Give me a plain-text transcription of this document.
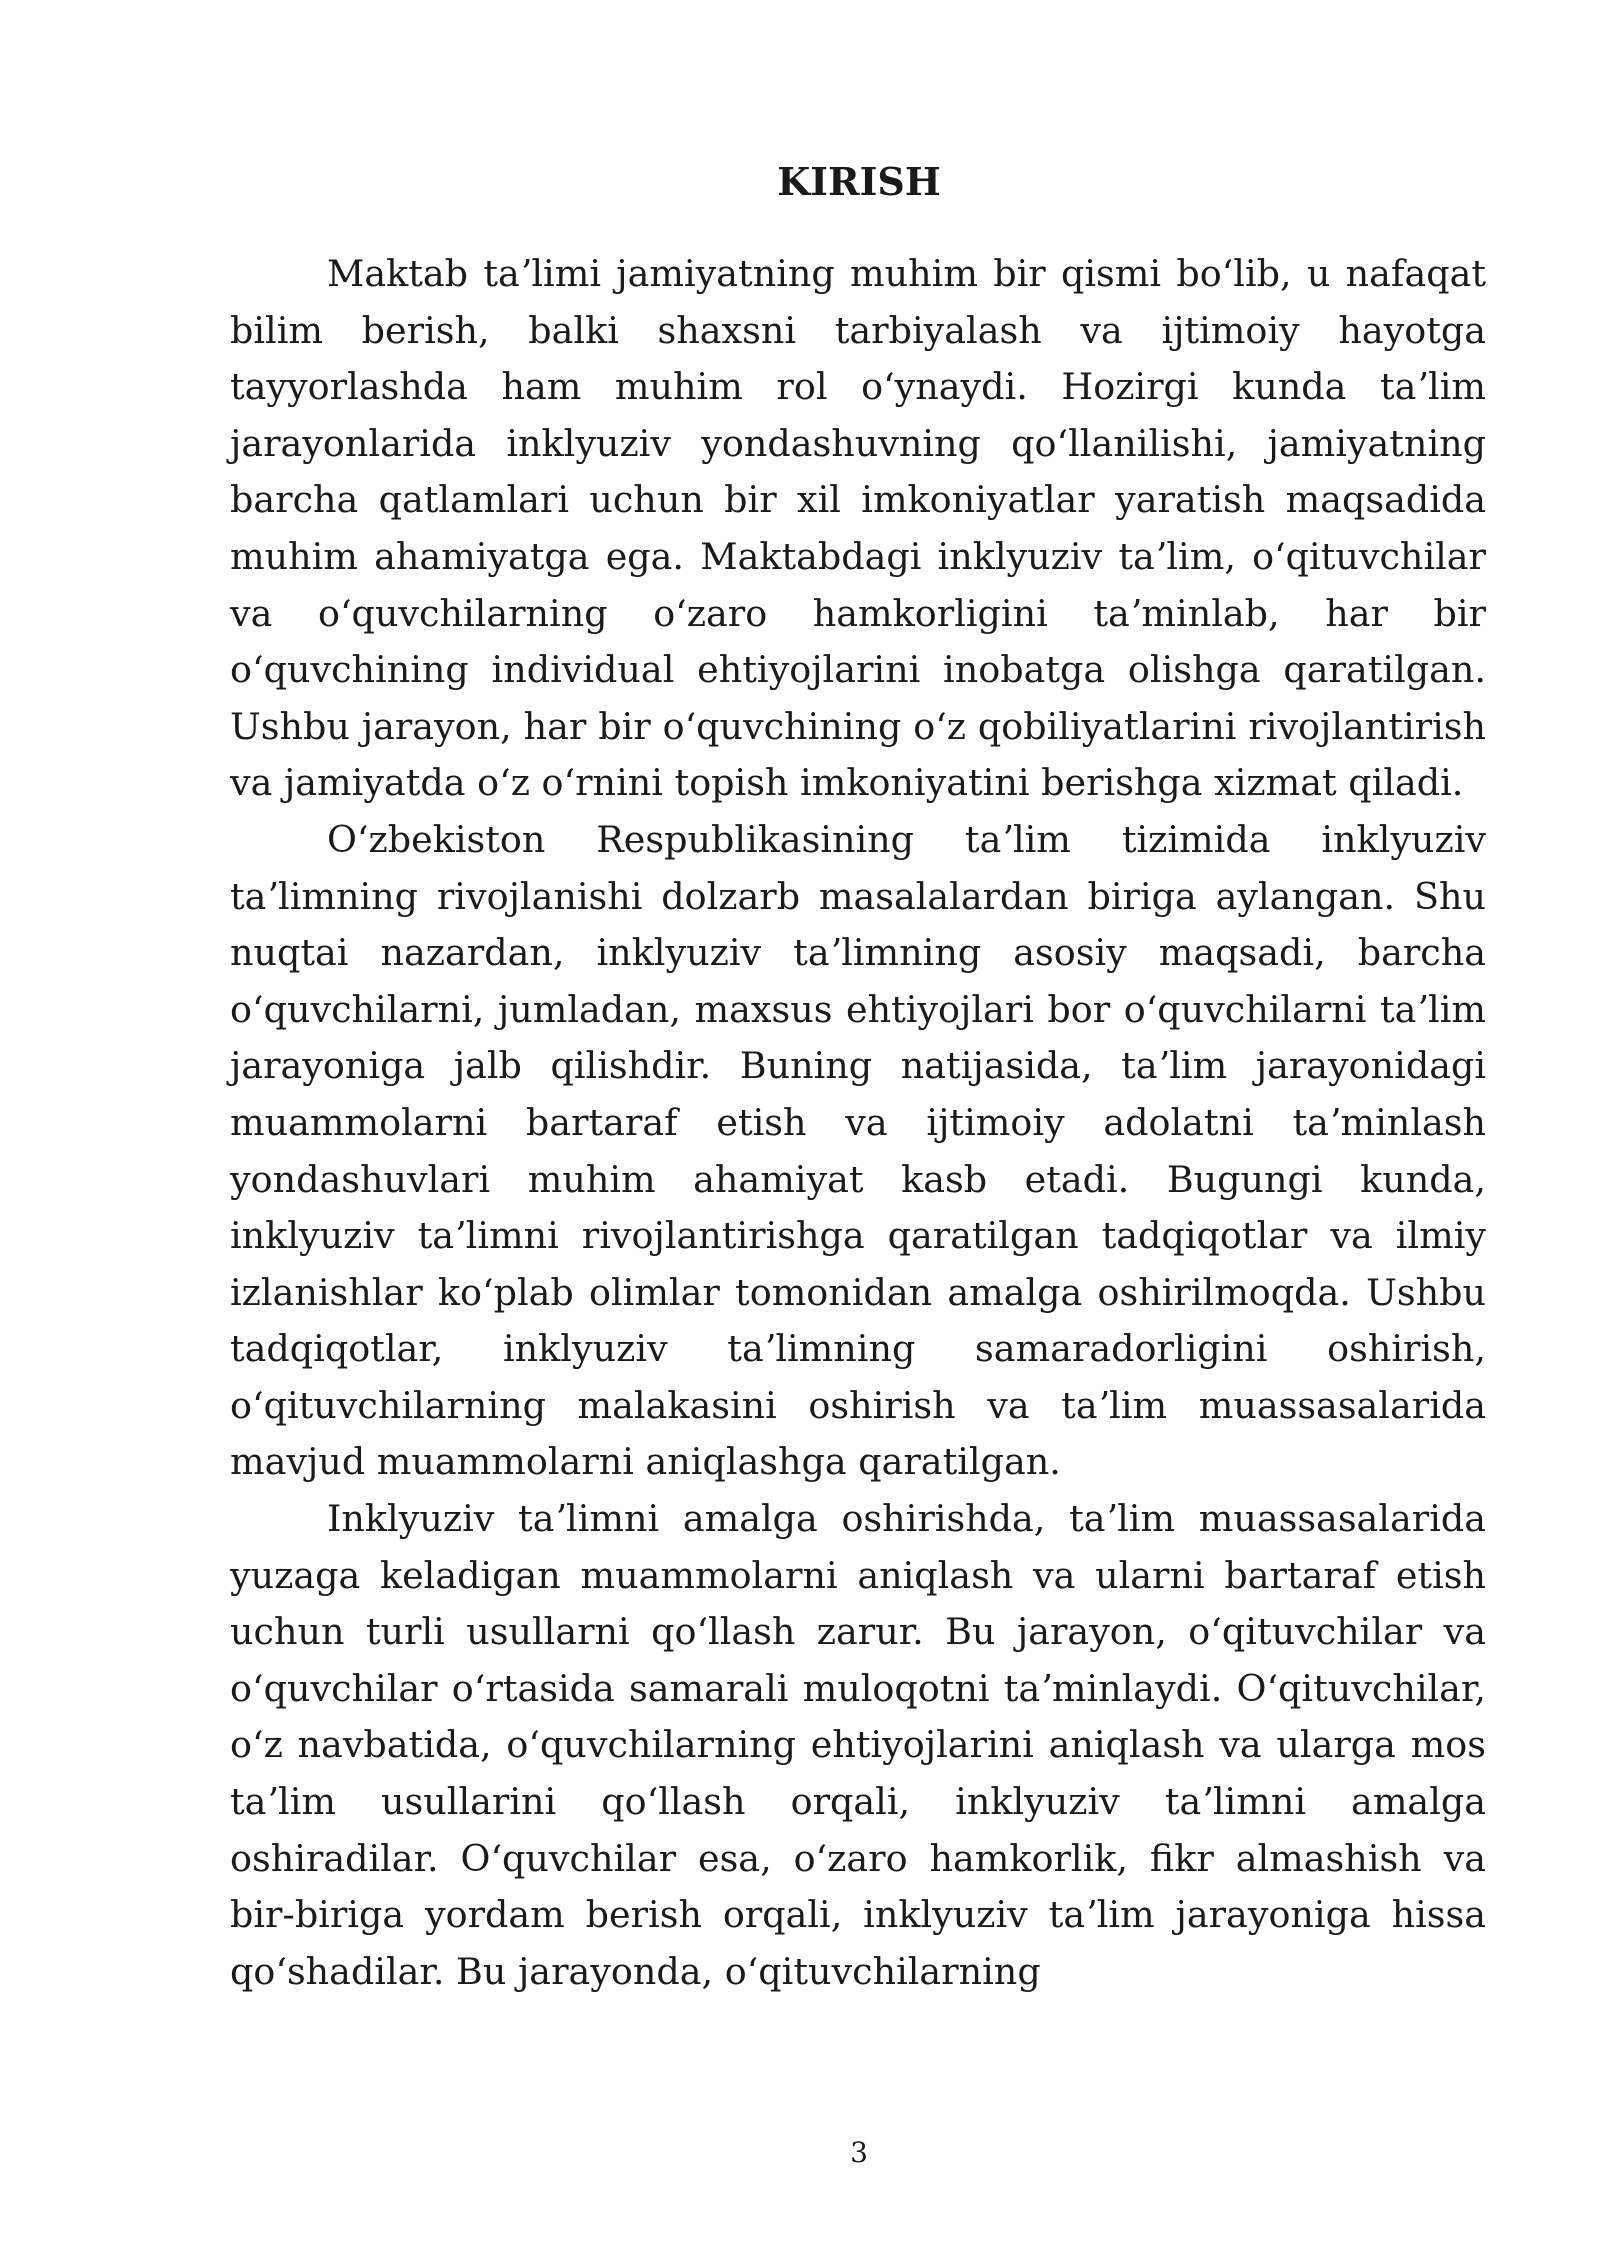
KIRISH

Maktab taʼlimi jamiyatning muhim bir qismi boʻlib, u nafaqat bilim berish, balki shaxsni tarbiyalash va ijtimoiy hayotga tayyorlashda ham muhim rol oʻynaydi. Hozirgi kunda taʼlim jarayonlarida inklyuziv yondashuvning qoʻllanilishi, jamiyatning barcha qatlamlari uchun bir xil imkoniyatlar yaratish maqsadida muhim ahamiyatga ega. Maktabdagi inklyuziv taʼlim, oʻqituvchilar va oʻquvchilarning oʻzaro hamkorligini taʼminlab, har bir oʻquvchining individual ehtiyojlarini inobatga olishga qaratilgan. Ushbu jarayon, har bir oʻquvchining oʻz qobiliyatlarini rivojlantirish va jamiyatda oʻz oʻrnini topish imkoniyatini berishga xizmat qiladi.

Oʻzbekiston Respublikasining taʼlim tizimida inklyuziv taʼlimning rivojlanishi dolzarb masalalardan biriga aylangan. Shu nuqtai nazardan, inklyuziv taʼlimning asosiy maqsadi, barcha oʻquvchilarni, jumladan, maxsus ehtiyojlari bor oʻquvchilarni taʼlim jarayoniga jalb qilishdir. Buning natijasida, taʼlim jarayonidagi muammolarni bartaraf etish va ijtimoiy adolatni taʼminlash yondashuvlari muhim ahamiyat kasb etadi. Bugungi kunda, inklyuziv taʼlimni rivojlantirishga qaratilgan tadqiqotlar va ilmiy izlanishlar koʻplab olimlar tomonidan amalga oshirilmoqda. Ushbu tadqiqotlar, inklyuziv taʼlimning samaradorligini oshirish, oʻqituvchilarning malakasini oshirish va taʼlim muassasalarida mavjud muammolarni aniqlashga qaratilgan.

Inklyuziv taʼlimni amalga oshirishda, taʼlim muassasalarida yuzaga keladigan muammolarni aniqlash va ularni bartaraf etish uchun turli usullarni qoʻllash zarur. Bu jarayon, oʻqituvchilar va oʻquvchilar oʻrtasida samarali muloqotni taʼminlaydi. Oʻqituvchilar, oʻz navbatida, oʻquvchilarning ehtiyojlarini aniqlash va ularga mos taʼlim usullarini qoʻllash orqali, inklyuziv taʼlimni amalga oshiradilar. Oʻquvchilar esa, oʻzaro hamkorlik, fikr almashish va bir-biriga yordam berish orqali, inklyuziv taʼlim jarayoniga hissa qoʻshadilar. Bu jarayonda, oʻqituvchilarning

3
